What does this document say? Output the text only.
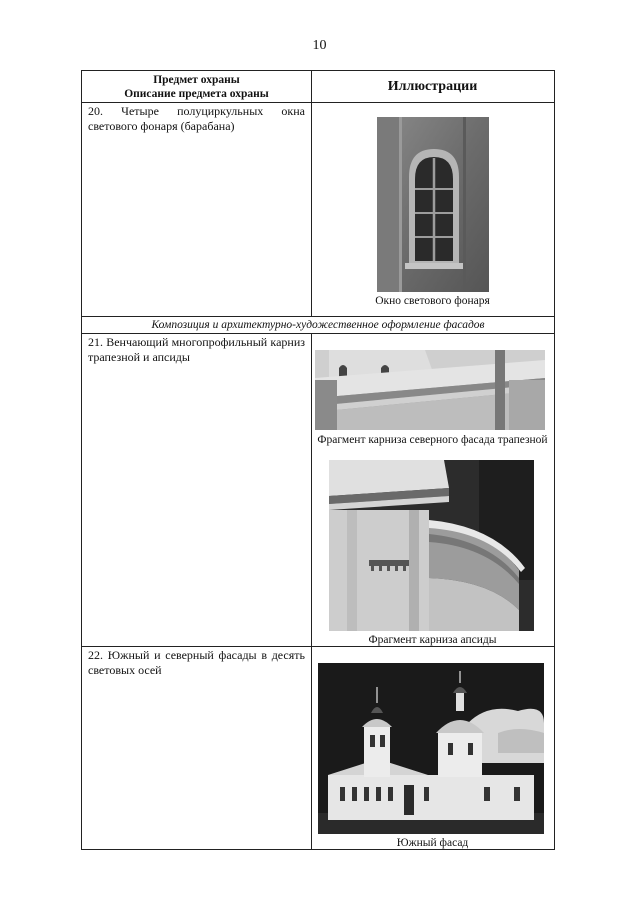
10
Предмет охраны
Описание предмета охраны	Иллюстрации
20. Четыре полуциркульных окна светового фонаря (барабана)
Окно светового фонаря
Композиция и архитектурно-художественное оформление фасадов
21. Венчающий многопрофильный карниз трапезной и апсиды
Фрагмент карниза северного фасада трапезной
Фрагмент карниза апсиды
22. Южный и северный фасады в десять световых осей
Южный фасад
